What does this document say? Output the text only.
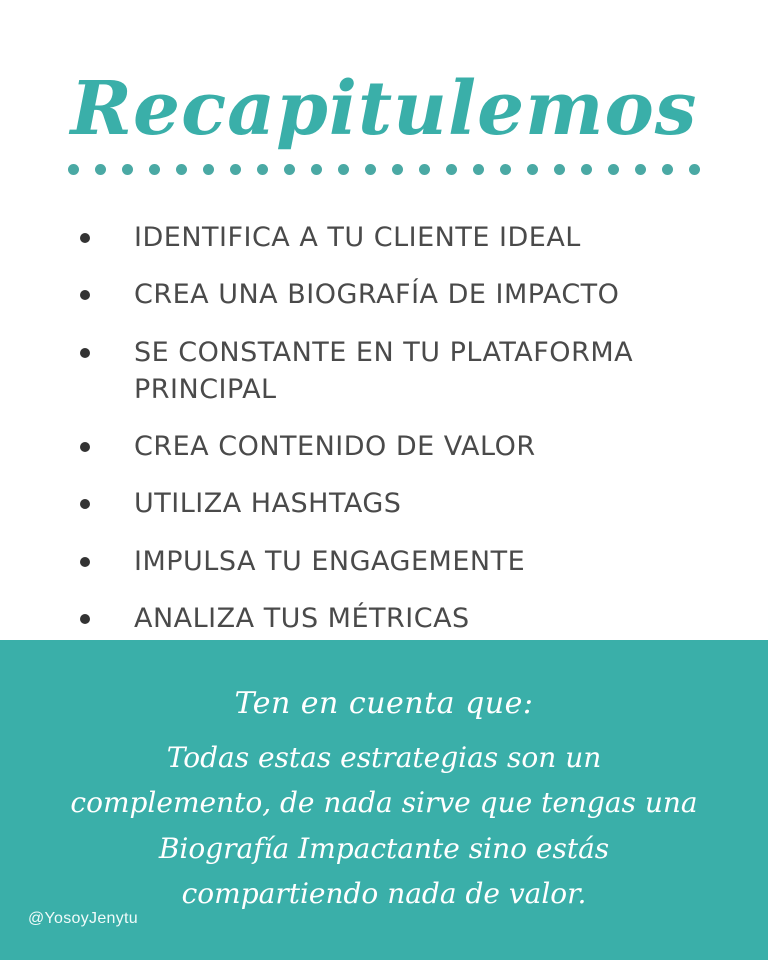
Recapitulemos
IDENTIFICA A TU CLIENTE IDEAL
CREA UNA BIOGRAFÍA DE IMPACTO
SE CONSTANTE EN TU PLATAFORMA PRINCIPAL
CREA CONTENIDO DE VALOR
UTILIZA HASHTAGS
IMPULSA TU ENGAGEMENTE
ANALIZA TUS MÉTRICAS
Ten en cuenta que:
Todas estas estrategias son un complemento, de nada sirve que tengas una Biografía Impactante sino estás compartiendo nada de valor.
@YosoyJenytu
